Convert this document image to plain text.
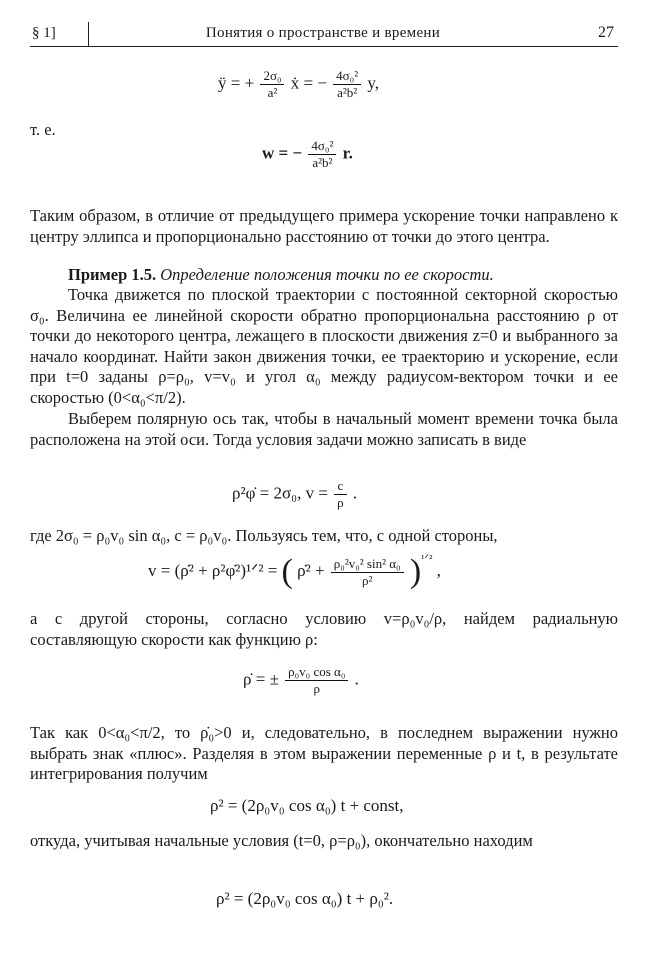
§ 1]	Понятия о пространстве и времени	27
ÿ = + $\frac{\text{2σ₀}}{\text{a²}}$ ẋ = − $\frac{\text{4σ₀²}}{\text{a²b²}} y$,
т. е.
w = − $\frac{\text{4σ₀²}}{\text{a²b²}} r$.
Таким образом, в отличие от предыдущего примера ускорение точки направлено к центру эллипса и пропорционально расстоянию от точки до этого центра.
Пример 1.5. Определение положения точки по ее скорости.
Точка движется по плоской траектории с постоянной секторной скоростью σ₀. Величина ее линейной скорости обратно пропорциональна расстоянию ρ от точки до некоторого центра, лежащего в плоскости движения z=0 и выбранного за начало координат. Найти закон движения точки, ее траекторию и ускорение, если при t=0 заданы ρ=ρ₀, v=v₀ и угол α₀ между радиусом-вектором точки и ее скоростью (0<α₀<π/2).
Выберем полярную ось так, чтобы в начальный момент времени точка была расположена на этой оси. Тогда условия задачи можно записать в виде
ρ²φ̇ = 2σ₀, $v = \frac{c}{\rho}$ .
где 2σ₀ = ρ₀v₀ sin α₀, c = ρ₀v₀. Пользуясь тем, что, с одной стороны,
v = (ρ̇² + ρ²φ̇²)¹ᐟ² = ( ρ̇² + $\frac{\text{ρ₀²v₀² sin² α₀}}{\text{ρ²}} )^{^1ᐟ^2}$ ,
а с другой стороны, согласно условию v=ρ₀v₀/ρ, найдем радиальную составляющую скорости как функцию ρ:
ρ̇ = ± $\frac{\text{ρ₀v₀ cos α₀}}{\rho}$ .
Так как 0<α₀<π/2, то ρ̇₀>0 и, следовательно, в последнем выражении нужно выбрать знак «плюс». Разделяя в этом выражении переменные ρ и t, в результате интегрирования получим
ρ² = (2ρ₀v₀ cos α₀) t + const,
откуда, учитывая начальные условия (t=0, ρ=ρ₀), окончательно находим
ρ² = (2ρ₀v₀ cos α₀) t + ρ₀².
